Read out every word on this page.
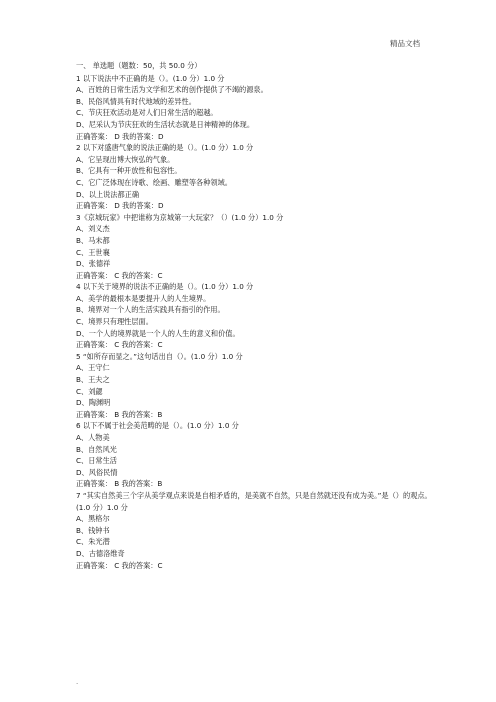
精品文档
一、 单选题（题数：50，共 50.0 分）
1 以下说法中不正确的是（）。(1.0 分）1.0 分
A、百姓的日常生活为文学和艺术的创作提供了不竭的源泉。
B、民俗风情具有时代地域的差异性。
C、节庆狂欢活动是对人们日常生活的超越。
D、尼采认为节庆狂欢的生活状态就是日神精神的体现。
正确答案： D 我的答案：D
2 以下对盛唐气象的说法正确的是（）。(1.0 分）1.0 分
A、它呈现出博大恢弘的气象。
B、它具有一种开放性和包容性。
C、它广泛体现在诗歌、绘画、雕塑等各种领域。
D、以上说法都正确
正确答案： D 我的答案：D
3《京城玩家》中把谁称为京城第一大玩家？（）(1.0 分）1.0 分
A、刘义杰
B、马未都
C、王世襄
D、张德祥
正确答案： C 我的答案：C
4 以下关于境界的说法不正确的是（）。(1.0 分）1.0 分
A、美学的最根本是要提升人的人生境界。
B、境界对一个人的生活实践具有指引的作用。
C、境界只有理性层面。
D、一个人的境界就是一个人的人生的意义和价值。
正确答案： C 我的答案：C
5 “如所存而显之。”这句话出自（）。(1.0 分）1.0 分
A、王守仁
B、王夫之
C、刘勰
D、陶渊明
正确答案： B 我的答案：B
6 以下不属于社会美范畴的是（）。(1.0 分）1.0 分
A、人物美
B、自然风光
C、日常生活
D、风俗民情
正确答案： B 我的答案：B
7 “其实自然美三个字从美学观点来说是自相矛盾的，是美就不自然，只是自然就还没有成为美。”是（）的观点。(1.0 分）1.0 分
A、黑格尔
B、钱钟书
C、朱光潜
D、古德洛维奇
正确答案： C 我的答案：C
.
